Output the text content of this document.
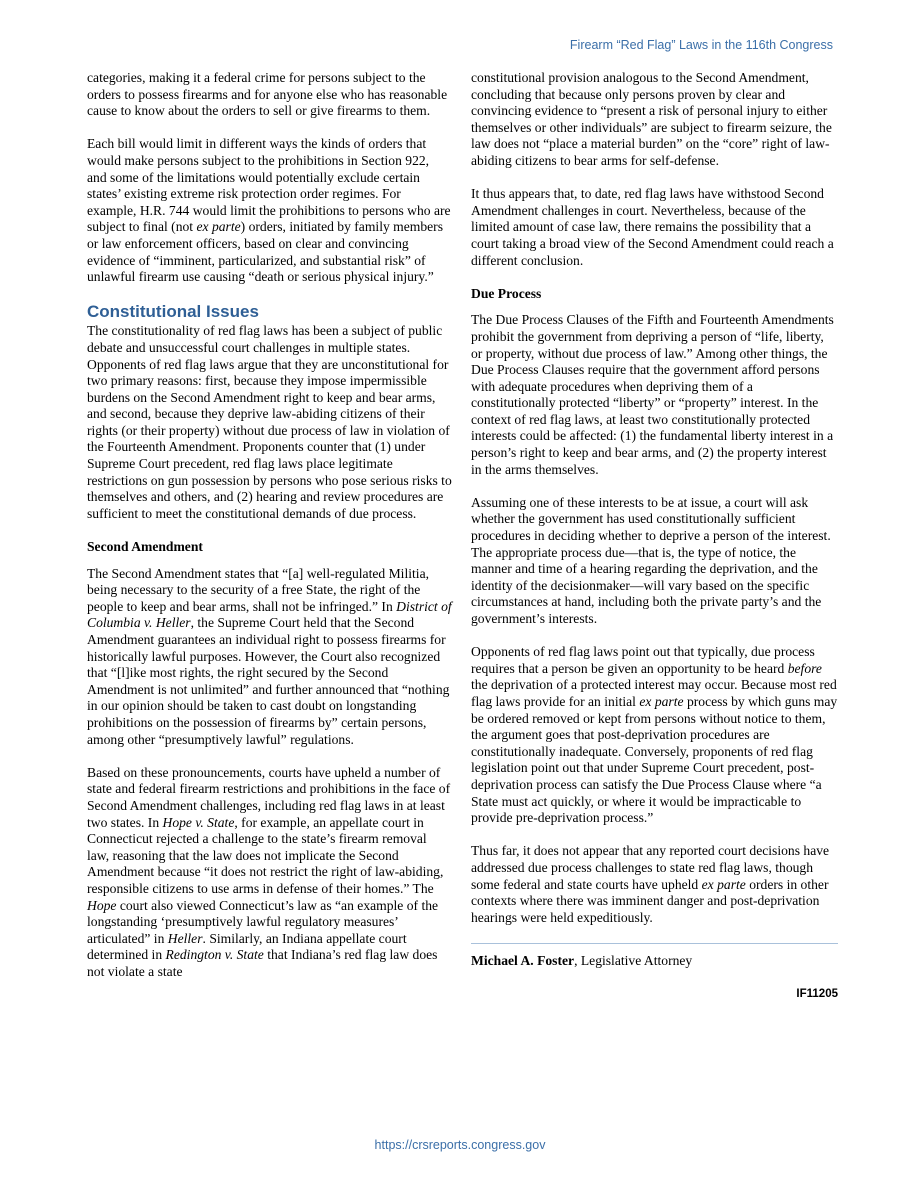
Firearm “Red Flag” Laws in the 116th Congress

categories, making it a federal crime for persons subject to the orders to possess firearms and for anyone else who has reasonable cause to know about the orders to sell or give firearms to them.

Each bill would limit in different ways the kinds of orders that would make persons subject to the prohibitions in Section 922, and some of the limitations would potentially exclude certain states’ existing extreme risk protection order regimes. For example, H.R. 744 would limit the prohibitions to persons who are subject to final (not ex parte) orders, initiated by family members or law enforcement officers, based on clear and convincing evidence of “imminent, particularized, and substantial risk” of unlawful firearm use causing “death or serious physical injury.”

Constitutional Issues

The constitutionality of red flag laws has been a subject of public debate and unsuccessful court challenges in multiple states. Opponents of red flag laws argue that they are unconstitutional for two primary reasons: first, because they impose impermissible burdens on the Second Amendment right to keep and bear arms, and second, because they deprive law-abiding citizens of their rights (or their property) without due process of law in violation of the Fourteenth Amendment. Proponents counter that (1) under Supreme Court precedent, red flag laws place legitimate restrictions on gun possession by persons who pose serious risks to themselves and others, and (2) hearing and review procedures are sufficient to meet the constitutional demands of due process.

Second Amendment

The Second Amendment states that “[a] well-regulated Militia, being necessary to the security of a free State, the right of the people to keep and bear arms, shall not be infringed.” In District of Columbia v. Heller, the Supreme Court held that the Second Amendment guarantees an individual right to possess firearms for historically lawful purposes. However, the Court also recognized that “[l]ike most rights, the right secured by the Second Amendment is not unlimited” and further announced that “nothing in our opinion should be taken to cast doubt on longstanding prohibitions on the possession of firearms by” certain persons, among other “presumptively lawful” regulations.

Based on these pronouncements, courts have upheld a number of state and federal firearm restrictions and prohibitions in the face of Second Amendment challenges, including red flag laws in at least two states. In Hope v. State, for example, an appellate court in Connecticut rejected a challenge to the state’s firearm removal law, reasoning that the law does not implicate the Second Amendment because “it does not restrict the right of law-abiding, responsible citizens to use arms in defense of their homes.” The Hope court also viewed Connecticut’s law as “an example of the longstanding ‘presumptively lawful regulatory measures’ articulated” in Heller. Similarly, an Indiana appellate court determined in Redington v. State that Indiana’s red flag law does not violate a state

constitutional provision analogous to the Second Amendment, concluding that because only persons proven by clear and convincing evidence to “present a risk of personal injury to either themselves or other individuals” are subject to firearm seizure, the law does not “place a material burden” on the “core” right of law-abiding citizens to bear arms for self-defense.

It thus appears that, to date, red flag laws have withstood Second Amendment challenges in court. Nevertheless, because of the limited amount of case law, there remains the possibility that a court taking a broad view of the Second Amendment could reach a different conclusion.

Due Process

The Due Process Clauses of the Fifth and Fourteenth Amendments prohibit the government from depriving a person of “life, liberty, or property, without due process of law.” Among other things, the Due Process Clauses require that the government afford persons with adequate procedures when depriving them of a constitutionally protected “liberty” or “property” interest. In the context of red flag laws, at least two constitutionally protected interests could be affected: (1) the fundamental liberty interest in a person’s right to keep and bear arms, and (2) the property interest in the arms themselves.

Assuming one of these interests to be at issue, a court will ask whether the government has used constitutionally sufficient procedures in deciding whether to deprive a person of the interest. The appropriate process due—that is, the type of notice, the manner and time of a hearing regarding the deprivation, and the identity of the decisionmaker—will vary based on the specific circumstances at hand, including both the private party’s and the government’s interests.

Opponents of red flag laws point out that typically, due process requires that a person be given an opportunity to be heard before the deprivation of a protected interest may occur. Because most red flag laws provide for an initial ex parte process by which guns may be ordered removed or kept from persons without notice to them, the argument goes that post-deprivation procedures are constitutionally inadequate. Conversely, proponents of red flag legislation point out that under Supreme Court precedent, post-deprivation process can satisfy the Due Process Clause where “a State must act quickly, or where it would be impracticable to provide pre-deprivation process.”

Thus far, it does not appear that any reported court decisions have addressed due process challenges to state red flag laws, though some federal and state courts have upheld ex parte orders in other contexts where there was imminent danger and post-deprivation hearings were held expeditiously.

Michael A. Foster, Legislative Attorney

IF11205
https://crsreports.congress.gov
